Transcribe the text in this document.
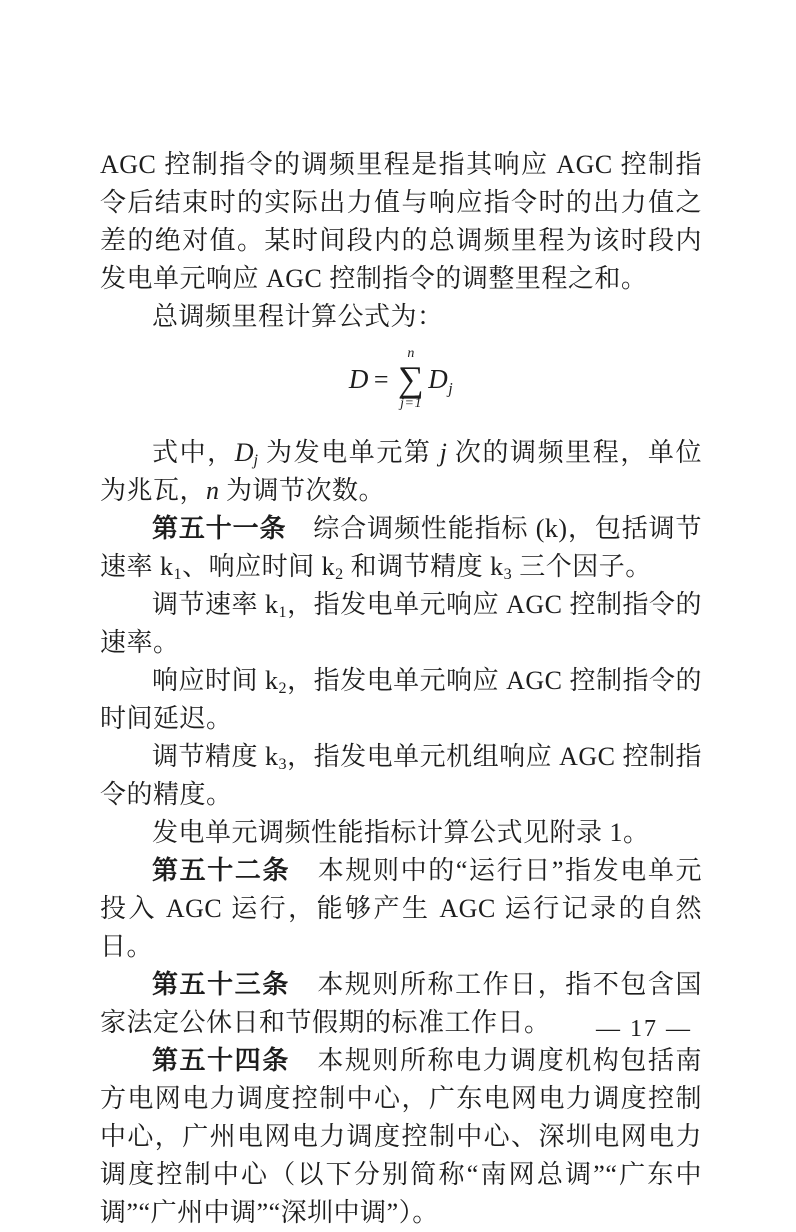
AGC 控制指令的调频里程是指其响应 AGC 控制指令后结束时的实际出力值与响应指令时的出力值之差的绝对值。某时间段内的总调频里程为该时段内发电单元响应 AGC 控制指令的调整里程之和。

总调频里程计算公式为：

D =
n
∑
j=1
$D_j$

式中，$D_j$ 为发电单元第 j 次的调频里程，单位为兆瓦，n 为调节次数。

第五十一条　综合调频性能指标 (k)，包括调节速率 $k_1$、响应时间 $k_2$ 和调节精度 $k_3$ 三个因子。

调节速率 $k_1$，指发电单元响应 AGC 控制指令的速率。

响应时间 $k_2$，指发电单元响应 AGC 控制指令的时间延迟。

调节精度 $k_3$，指发电单元机组响应 AGC 控制指令的精度。

发电单元调频性能指标计算公式见附录 1。

第五十二条　本规则中的“运行日”指发电单元投入 AGC 运行，能够产生 AGC 运行记录的自然日。

第五十三条　本规则所称工作日，指不包含国家法定公休日和节假期的标准工作日。

第五十四条　本规则所称电力调度机构包括南方电网电力调度控制中心，广东电网电力调度控制中心，广州电网电力调度控制中心、深圳电网电力调度控制中心（以下分别简称“南网总调”“广东中调”“广州中调”“深圳中调”）。

— 17 —
